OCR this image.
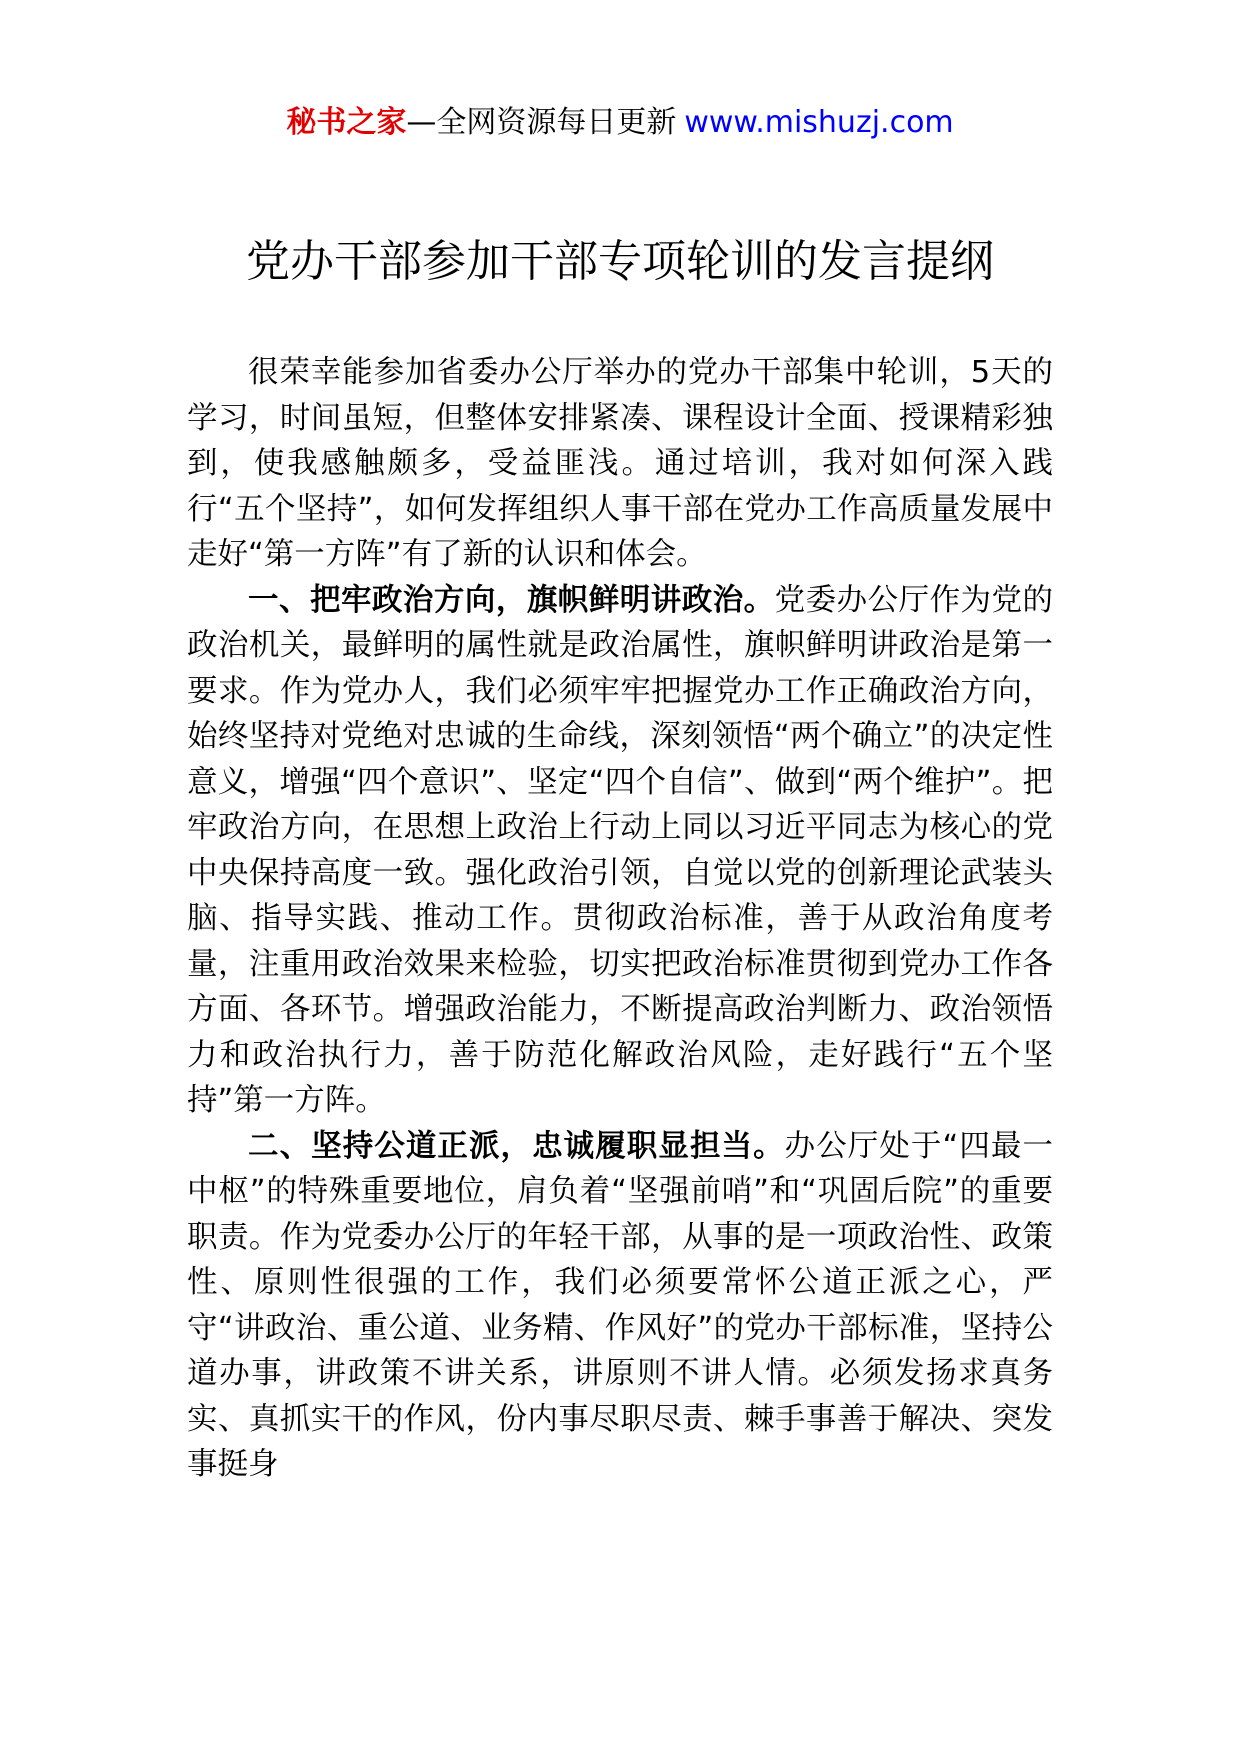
秘书之家—全网资源每日更新 www.mishuzj.com
党办干部参加干部专项轮训的发言提纲

很荣幸能参加省委办公厅举办的党办干部集中轮训，5天的学习，时间虽短，但整体安排紧凑、课程设计全面、授课精彩独到，使我感触颇多，受益匪浅。通过培训，我对如何深入践行“五个坚持”，如何发挥组织人事干部在党办工作高质量发展中走好“第一方阵”有了新的认识和体会。

一、把牢政治方向，旗帜鲜明讲政治。党委办公厅作为党的政治机关，最鲜明的属性就是政治属性，旗帜鲜明讲政治是第一要求。作为党办人，我们必须牢牢把握党办工作正确政治方向，始终坚持对党绝对忠诚的生命线，深刻领悟“两个确立”的决定性意义，增强“四个意识”、坚定“四个自信”、做到“两个维护”。把牢政治方向，在思想上政治上行动上同以习近平同志为核心的党中央保持高度一致。强化政治引领，自觉以党的创新理论武装头脑、指导实践、推动工作。贯彻政治标准，善于从政治角度考量，注重用政治效果来检验，切实把政治标准贯彻到党办工作各方面、各环节。增强政治能力，不断提高政治判断力、政治领悟力和政治执行力，善于防范化解政治风险，走好践行“五个坚持”第一方阵。

二、坚持公道正派，忠诚履职显担当。办公厅处于“四最一中枢”的特殊重要地位，肩负着“坚强前哨”和“巩固后院”的重要职责。作为党委办公厅的年轻干部，从事的是一项政治性、政策性、原则性很强的工作，我们必须要常怀公道正派之心，严守“讲政治、重公道、业务精、作风好”的党办干部标准，坚持公道办事，讲政策不讲关系，讲原则不讲人情。必须发扬求真务实、真抓实干的作风，份内事尽职尽责、棘手事善于解决、突发事挺身
